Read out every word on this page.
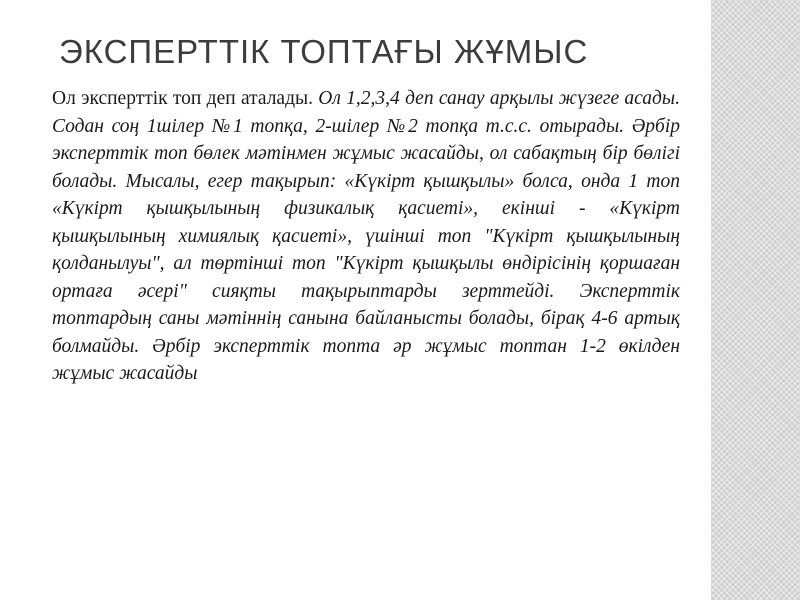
ЭКСПЕРТТІК ТОПТАҒЫ ЖҰМЫС

Ол эксперттік топ деп аталады. Ол 1,2,3,4 деп санау арқылы жүзеге асады. Содан соң 1шілер №1 топқа, 2-шілер №2 топқа т.с.с. отырады. Әрбір эксперттік топ бөлек мәтінмен жұмыс жасайды, ол сабақтың бір бөлігі болады. Мысалы, егер тақырып: «Күкірт қышқылы» болса, онда 1 топ «Күкірт қышқылының физикалық қасиеті», екінші - «Күкірт қышқылының химиялық қасиеті», үшінші топ "Күкірт қышқылының қолданылуы", ал төртінші топ "Күкірт қышқылы өндірісінің қоршаған ортаға әсері" сияқты тақырыптарды зерттейді. Эксперттік топтардың саны мәтіннің санына байланысты болады, бірақ 4-6 артық болмайды. Әрбір эксперттік топта әр жұмыс топтан 1-2 өкілден жұмыс жасайды
